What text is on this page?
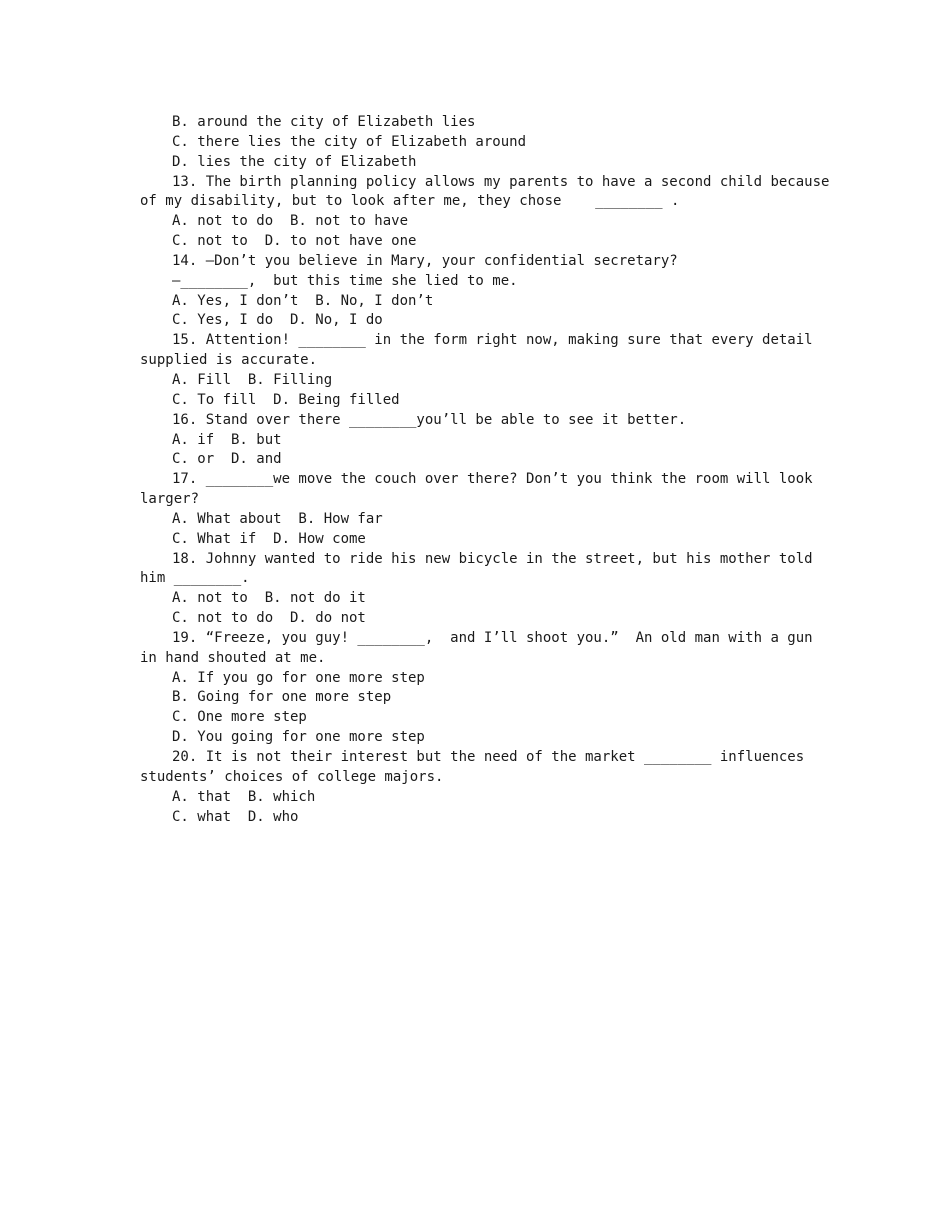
B. around the city of Elizabeth lies
C. there lies the city of Elizabeth around
D. lies the city of Elizabeth
13. The birth planning policy allows my parents to have a second child because
of my disability, but to look after me, they chose    ________ .
A. not to do  B. not to have
C. not to  D. to not have one
14. —Don’t you believe in Mary, your confidential secretary?
—________,  but this time she lied to me.
A. Yes, I don’t  B. No, I don’t
C. Yes, I do  D. No, I do
15. Attention! ________ in the form right now, making sure that every detail
supplied is accurate.
A. Fill  B. Filling
C. To fill  D. Being filled
16. Stand over there ________you’ll be able to see it better.
A. if  B. but
C. or  D. and
17. ________we move the couch over there? Don’t you think the room will look
larger?
A. What about  B. How far
C. What if  D. How come
18. Johnny wanted to ride his new bicycle in the street, but his mother told
him ________.
A. not to  B. not do it
C. not to do  D. do not
19. “Freeze, you guy! ________,  and I’ll shoot you.”  An old man with a gun
in hand shouted at me.
A. If you go for one more step
B. Going for one more step
C. One more step
D. You going for one more step
20. It is not their interest but the need of the market ________ influences
students’ choices of college majors.
A. that  B. which
C. what  D. who
